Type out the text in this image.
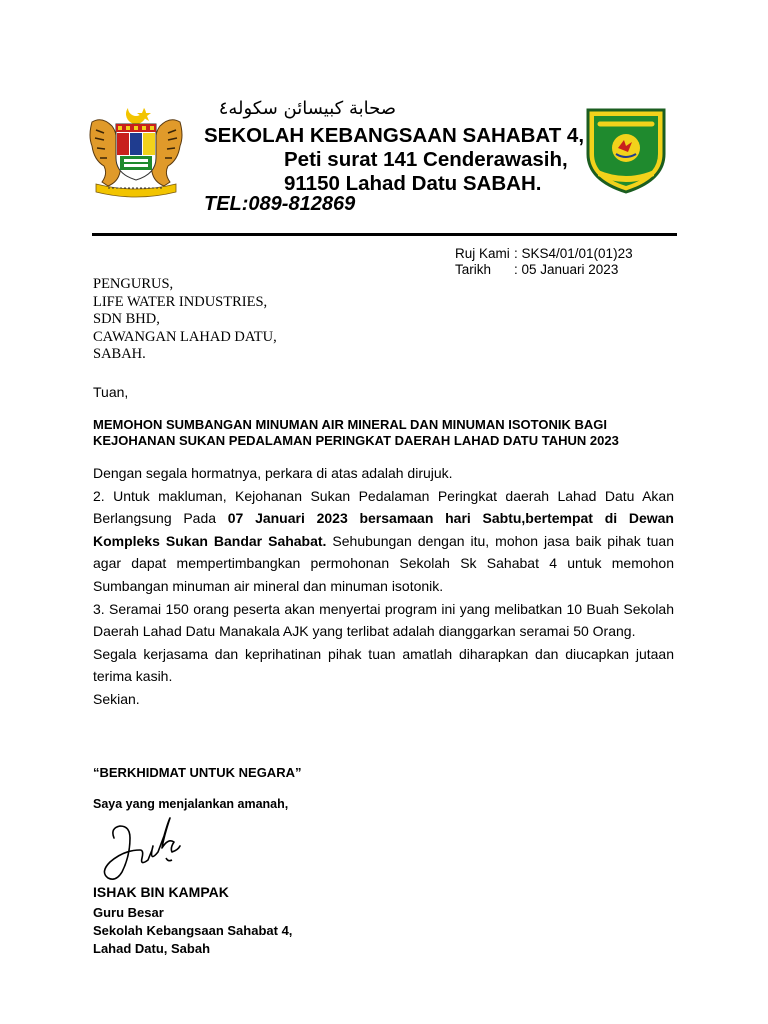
ﺻﺤﺎﺑﺔ ﻛﺒﯿﺴﺎﺋﻦ ﺳﻜﻮﻟﻪ٤
SEKOLAH KEBANGSAAN SAHABAT 4,
Peti surat 141 Cenderawasih,
91150 Lahad Datu SABAH.
TEL:089-812869
Ruj Kami : SKS4/01/01(01)23
Tarikh : 05 Januari 2023
PENGURUS,
LIFE WATER INDUSTRIES,
SDN BHD,
CAWANGAN LAHAD DATU,
SABAH.
Tuan,
MEMOHON SUMBANGAN MINUMAN AIR MINERAL DAN MINUMAN ISOTONIK BAGI
KEJOHANAN SUKAN PEDALAMAN PERINGKAT DAERAH LAHAD DATU TAHUN 2023

Dengan segala hormatnya, perkara di atas adalah dirujuk.

2. Untuk makluman, Kejohanan Sukan Pedalaman Peringkat daerah Lahad Datu Akan Berlangsung Pada 07 Januari 2023 bersamaan hari Sabtu,bertempat di Dewan Kompleks Sukan Bandar Sahabat. Sehubungan dengan itu, mohon jasa baik pihak tuan agar dapat mempertimbangkan permohonan Sekolah Sk Sahabat 4 untuk memohon Sumbangan minuman air mineral dan minuman isotonik.

3. Seramai 150 orang peserta akan menyertai program ini yang melibatkan 10 Buah Sekolah Daerah Lahad Datu Manakala AJK yang terlibat adalah dianggarkan seramai 50 Orang.

Segala kerjasama dan keprihatinan pihak tuan amatlah diharapkan dan diucapkan jutaan terima kasih.

Sekian.

“BERKHIDMAT UNTUK NEGARA”
Saya yang menjalankan amanah,
ISHAK BIN KAMPAK
Guru Besar
Sekolah Kebangsaan Sahabat 4,
Lahad Datu, Sabah
